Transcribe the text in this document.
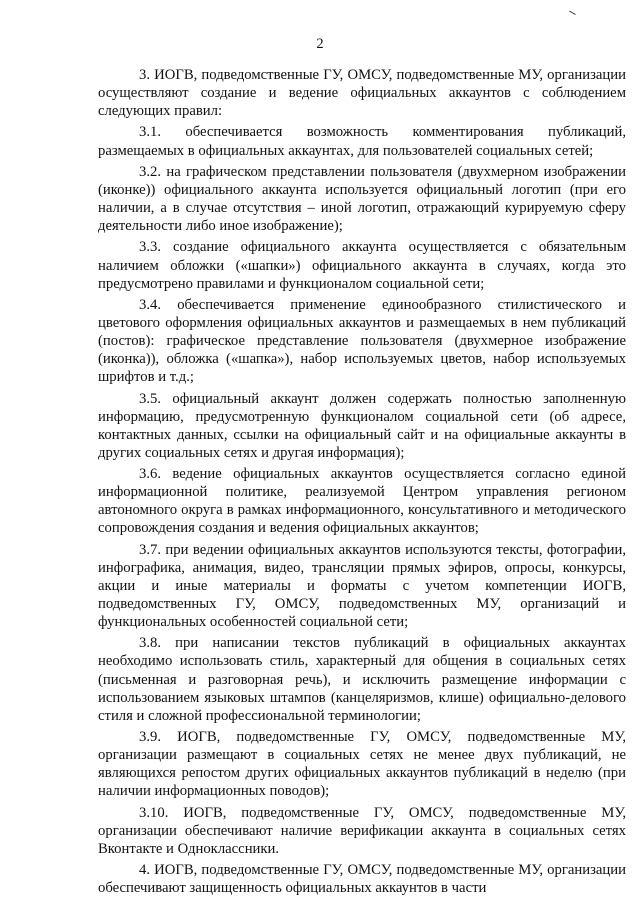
2

3. ИОГВ, подведомственные ГУ, ОМСУ, подведомственные МУ, организации осуществляют создание и ведение официальных аккаунтов с соблюдением следующих правил:

3.1. обеспечивается возможность комментирования публикаций, размещаемых в официальных аккаунтах, для пользователей социальных сетей;

3.2. на графическом представлении пользователя (двухмерном изображении (иконке)) официального аккаунта используется официальный логотип (при его наличии, а в случае отсутствия – иной логотип, отражающий курируемую сферу деятельности либо иное изображение);

3.3. создание официального аккаунта осуществляется с обязательным наличием обложки («шапки») официального аккаунта в случаях, когда это предусмотрено правилами и функционалом социальной сети;

3.4. обеспечивается применение единообразного стилистического и цветового оформления официальных аккаунтов и размещаемых в нем публикаций (постов): графическое представление пользователя (двухмерное изображение (иконка)), обложка («шапка»), набор используемых цветов, набор используемых шрифтов и т.д.;

3.5. официальный аккаунт должен содержать полностью заполненную информацию, предусмотренную функционалом социальной сети (об адресе, контактных данных, ссылки на официальный сайт и на официальные аккаунты в других социальных сетях и другая информация);

3.6. ведение официальных аккаунтов осуществляется согласно единой информационной политике, реализуемой Центром управления регионом автономного округа в рамках информационного, консультативного и методического сопровождения создания и ведения официальных аккаунтов;

3.7. при ведении официальных аккаунтов используются тексты, фотографии, инфографика, анимация, видео, трансляции прямых эфиров, опросы, конкурсы, акции и иные материалы и форматы с учетом компетенции ИОГВ, подведомственных ГУ, ОМСУ, подведомственных МУ, организаций и функциональных особенностей социальной сети;

3.8. при написании текстов публикаций в официальных аккаунтах необходимо использовать стиль, характерный для общения в социальных сетях (письменная и разговорная речь), и исключить размещение информации с использованием языковых штампов (канцеляризмов, клише) официально-делового стиля и сложной профессиональной терминологии;

3.9. ИОГВ, подведомственные ГУ, ОМСУ, подведомственные МУ, организации размещают в социальных сетях не менее двух публикаций, не являющихся репостом других официальных аккаунтов публикаций в неделю (при наличии информационных поводов);

3.10. ИОГВ, подведомственные ГУ, ОМСУ, подведомственные МУ, организации обеспечивают наличие верификации аккаунта в социальных сетях Вконтакте и Одноклассники.

4. ИОГВ, подведомственные ГУ, ОМСУ, подведомственные МУ, организации обеспечивают защищенность официальных аккаунтов в части
